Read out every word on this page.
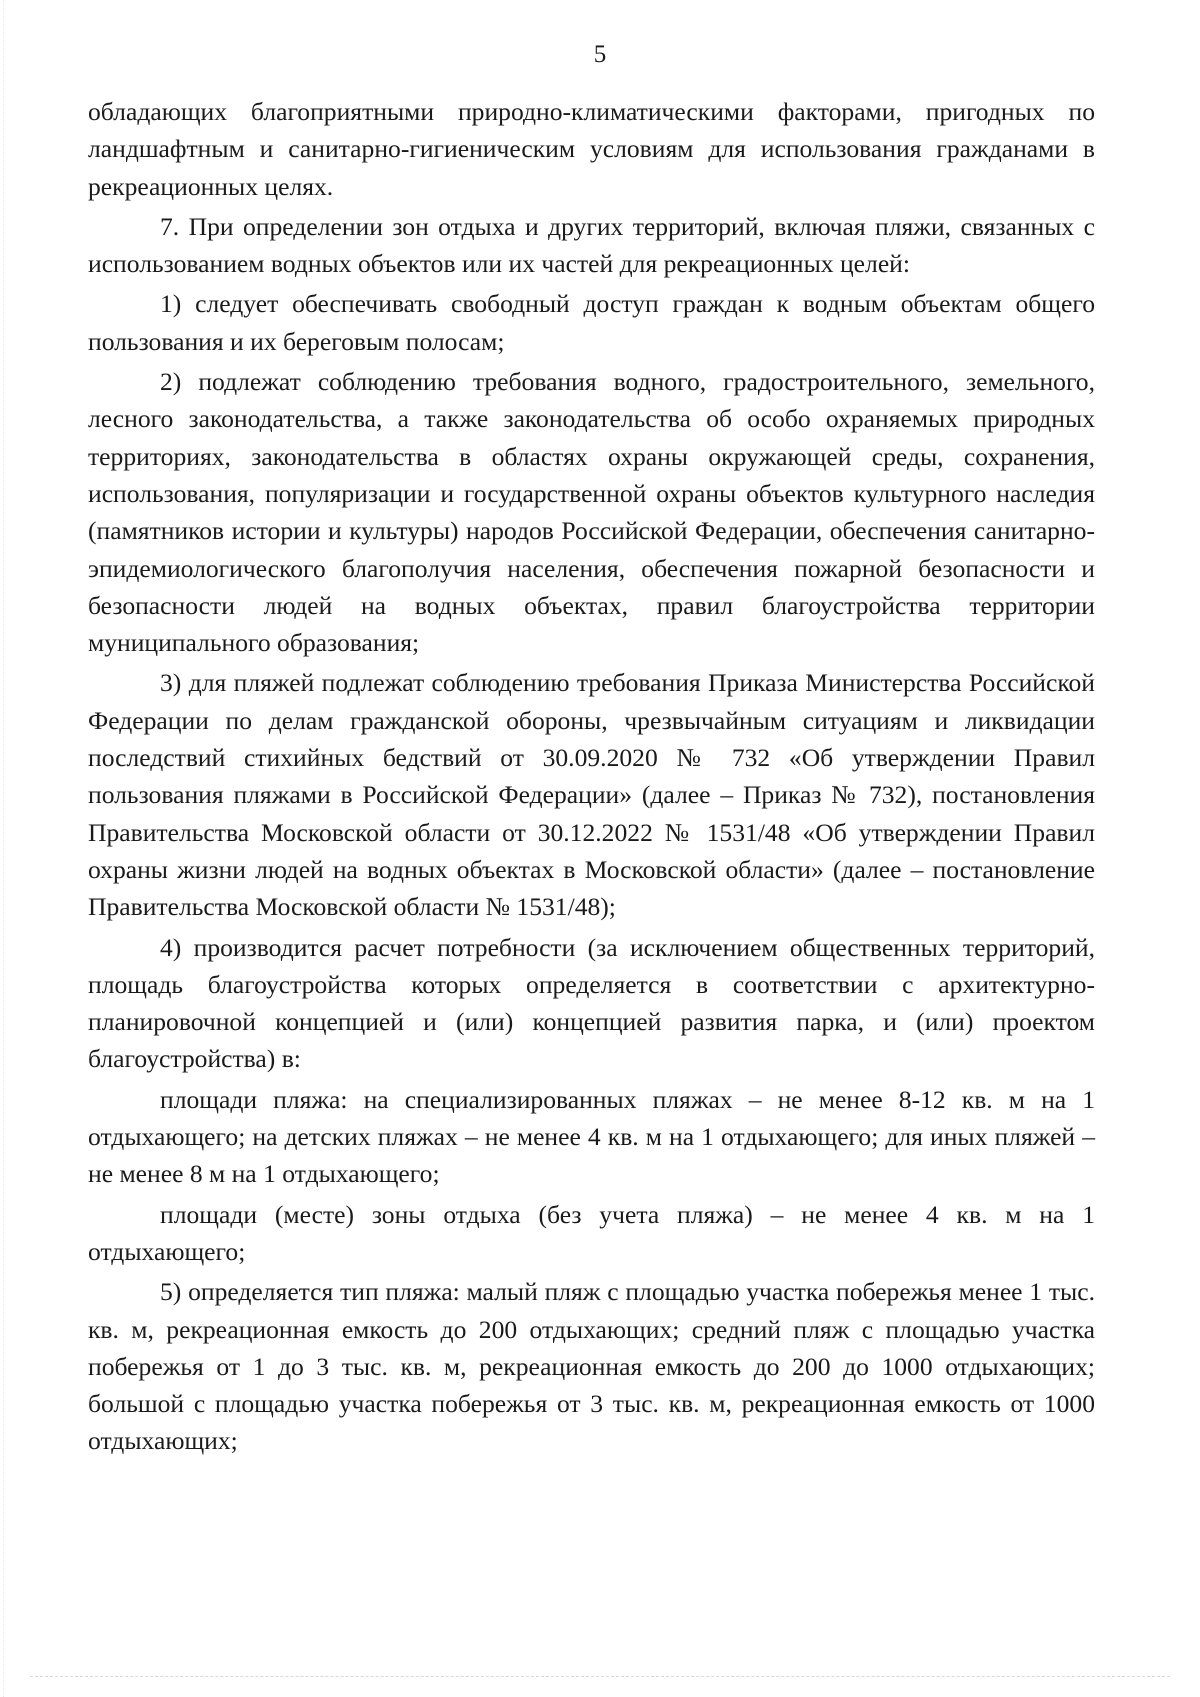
5

обладающих благоприятными природно-климатическими факторами, пригодных по ландшафтным и санитарно-гигиеническим условиям для использования гражданами в рекреационных целях.

7. При определении зон отдыха и других территорий, включая пляжи, связанных с использованием водных объектов или их частей для рекреационных целей:

1) следует обеспечивать свободный доступ граждан к водным объектам общего пользования и их береговым полосам;

2) подлежат соблюдению требования водного, градостроительного, земельного, лесного законодательства, а также законодательства об особо охраняемых природных территориях, законодательства в областях охраны окружающей среды, сохранения, использования, популяризации и государственной охраны объектов культурного наследия (памятников истории и культуры) народов Российской Федерации, обеспечения санитарно-эпидемиологического благополучия населения, обеспечения пожарной безопасности и безопасности людей на водных объектах, правил благоустройства территории муниципального образования;

3) для пляжей подлежат соблюдению требования Приказа Министерства Российской Федерации по делам гражданской обороны, чрезвычайным ситуациям и ликвидации последствий стихийных бедствий от 30.09.2020 № 732 «Об утверждении Правил пользования пляжами в Российской Федерации» (далее – Приказ № 732), постановления Правительства Московской области от 30.12.2022 № 1531/48 «Об утверждении Правил охраны жизни людей на водных объектах в Московской области» (далее – постановление Правительства Московской области № 1531/48);

4) производится расчет потребности (за исключением общественных территорий, площадь благоустройства которых определяется в соответствии с архитектурно-планировочной концепцией и (или) концепцией развития парка, и (или) проектом благоустройства) в:

площади пляжа: на специализированных пляжах – не менее 8-12 кв. м на 1 отдыхающего; на детских пляжах – не менее 4 кв. м на 1 отдыхающего; для иных пляжей – не менее 8 м на 1 отдыхающего;

площади (месте) зоны отдыха (без учета пляжа) – не менее 4 кв. м на 1 отдыхающего;

5) определяется тип пляжа: малый пляж с площадью участка побережья менее 1 тыс. кв. м, рекреационная емкость до 200 отдыхающих; средний пляж с площадью участка побережья от 1 до 3 тыс. кв. м, рекреационная емкость до 200 до 1000 отдыхающих; большой с площадью участка побережья от 3 тыс. кв. м, рекреационная емкость от 1000 отдыхающих;
